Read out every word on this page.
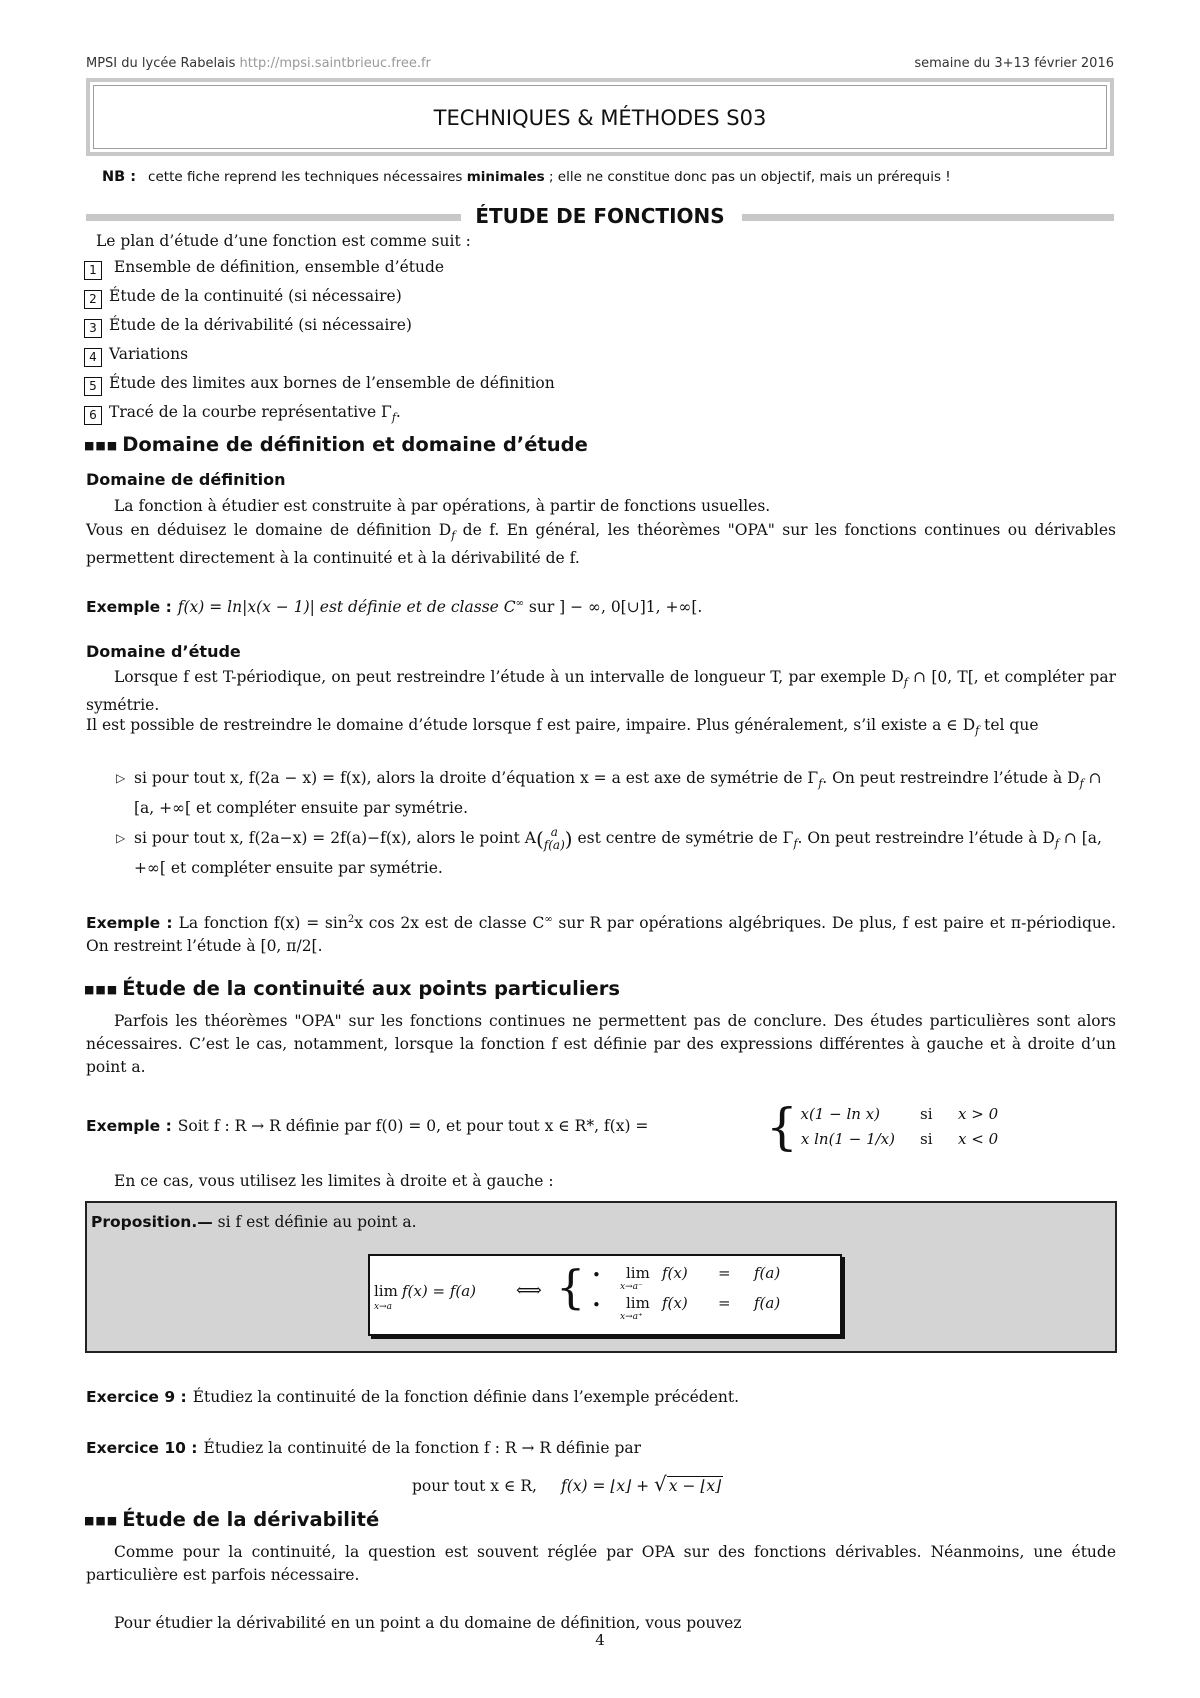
MPSI du lycée Rabelais http://mpsi.saintbrieuc.free.fr	semaine du 3+13 février 2016
TECHNIQUES & MÉTHODES S03
NB : cette fiche reprend les techniques nécessaires minimales ; elle ne constitue donc pas un objectif, mais un prérequis !
ÉTUDE DE FONCTIONS
Le plan d’étude d’une fonction est comme suit :
1 Ensemble de définition, ensemble d’étude
2 Étude de la continuité (si nécessaire)
3 Étude de la dérivabilité (si nécessaire)
4 Variations
5 Étude des limites aux bornes de l’ensemble de définition
6 Tracé de la courbe représentative $\Gamma_f$.
■■■ Domaine de définition et domaine d’étude
Domaine de définition
La fonction à étudier est construite à par opérations, à partir de fonctions usuelles.
Vous en déduisez le domaine de définition $D_f$ de f. En général, les théorèmes "OPA" sur les fonctions continues ou dérivables permettent directement à la continuité et à la dérivabilité de f.
Exemple : f(x) = ln|x(x − 1)| est définie et de classe C∞ sur ] − ∞, 0[∪]1, +∞[.
Domaine d’étude
Lorsque f est T-périodique, on peut restreindre l’étude à un intervalle de longueur T, par exemple $D_f$ ∩ [0, T[, et compléter par symétrie.
Il est possible de restreindre le domaine d’étude lorsque f est paire, impaire. Plus généralement, s’il existe a ∈ $D_f$ tel que
▷ si pour tout x, f(2a − x) = f(x), alors la droite d’équation x = a est axe de symétrie de $\Gamma_f$. On peut restreindre l’étude à $D_f$ ∩ [a, +∞[ et compléter ensuite par symétrie.
▷ si pour tout x, f(2a−x) = 2f(a)−f(x), alors le point A( a
f(a) ) est centre de symétrie de $\Gamma_f$. On peut restreindre l’étude à $D_f$ ∩ [a, +∞[ et compléter ensuite par symétrie.
Exemple : La fonction $f(x) = \sin^2x$ cos 2x est de classe C∞ sur R par opérations algébriques. De plus, f est paire et π-périodique. On restreint l’étude à [0, π/2[.
■■■ Étude de la continuité aux points particuliers
Parfois les théorèmes "OPA" sur les fonctions continues ne permettent pas de conclure. Des études particulières sont alors nécessaires. C’est le cas, notamment, lorsque la fonction f est définie par des expressions différentes à gauche et à droite d’un point a.
Exemple : Soit f : R → R définie par f(0) = 0, et pour tout x ∈ R*, f(x) = { x(1 − ln x)	si x > 0
x ln(1 − 1/x) si x < 0
En ce cas, vous utilisez les limites à droite et à gauche :
Proposition.— si f est définie au point a.
lim
x→a
f(x) = f(a) ⟺ { • lim
x→a⁻
f(x) = f(a)
• lim
x→a⁺
f(x) = f(a)
Exercice 9 : Étudiez la continuité de la fonction définie dans l’exemple précédent.
Exercice 10 : Étudiez la continuité de la fonction f : R → R définie par
pour tout x ∈ R, f(x) = ⌊x⌋ + √ x − ⌊x⌋
■■■ Étude de la dérivabilité
Comme pour la continuité, la question est souvent réglée par OPA sur des fonctions dérivables. Néanmoins, une étude particulière est parfois nécessaire.
Pour étudier la dérivabilité en un point a du domaine de définition, vous pouvez
4
